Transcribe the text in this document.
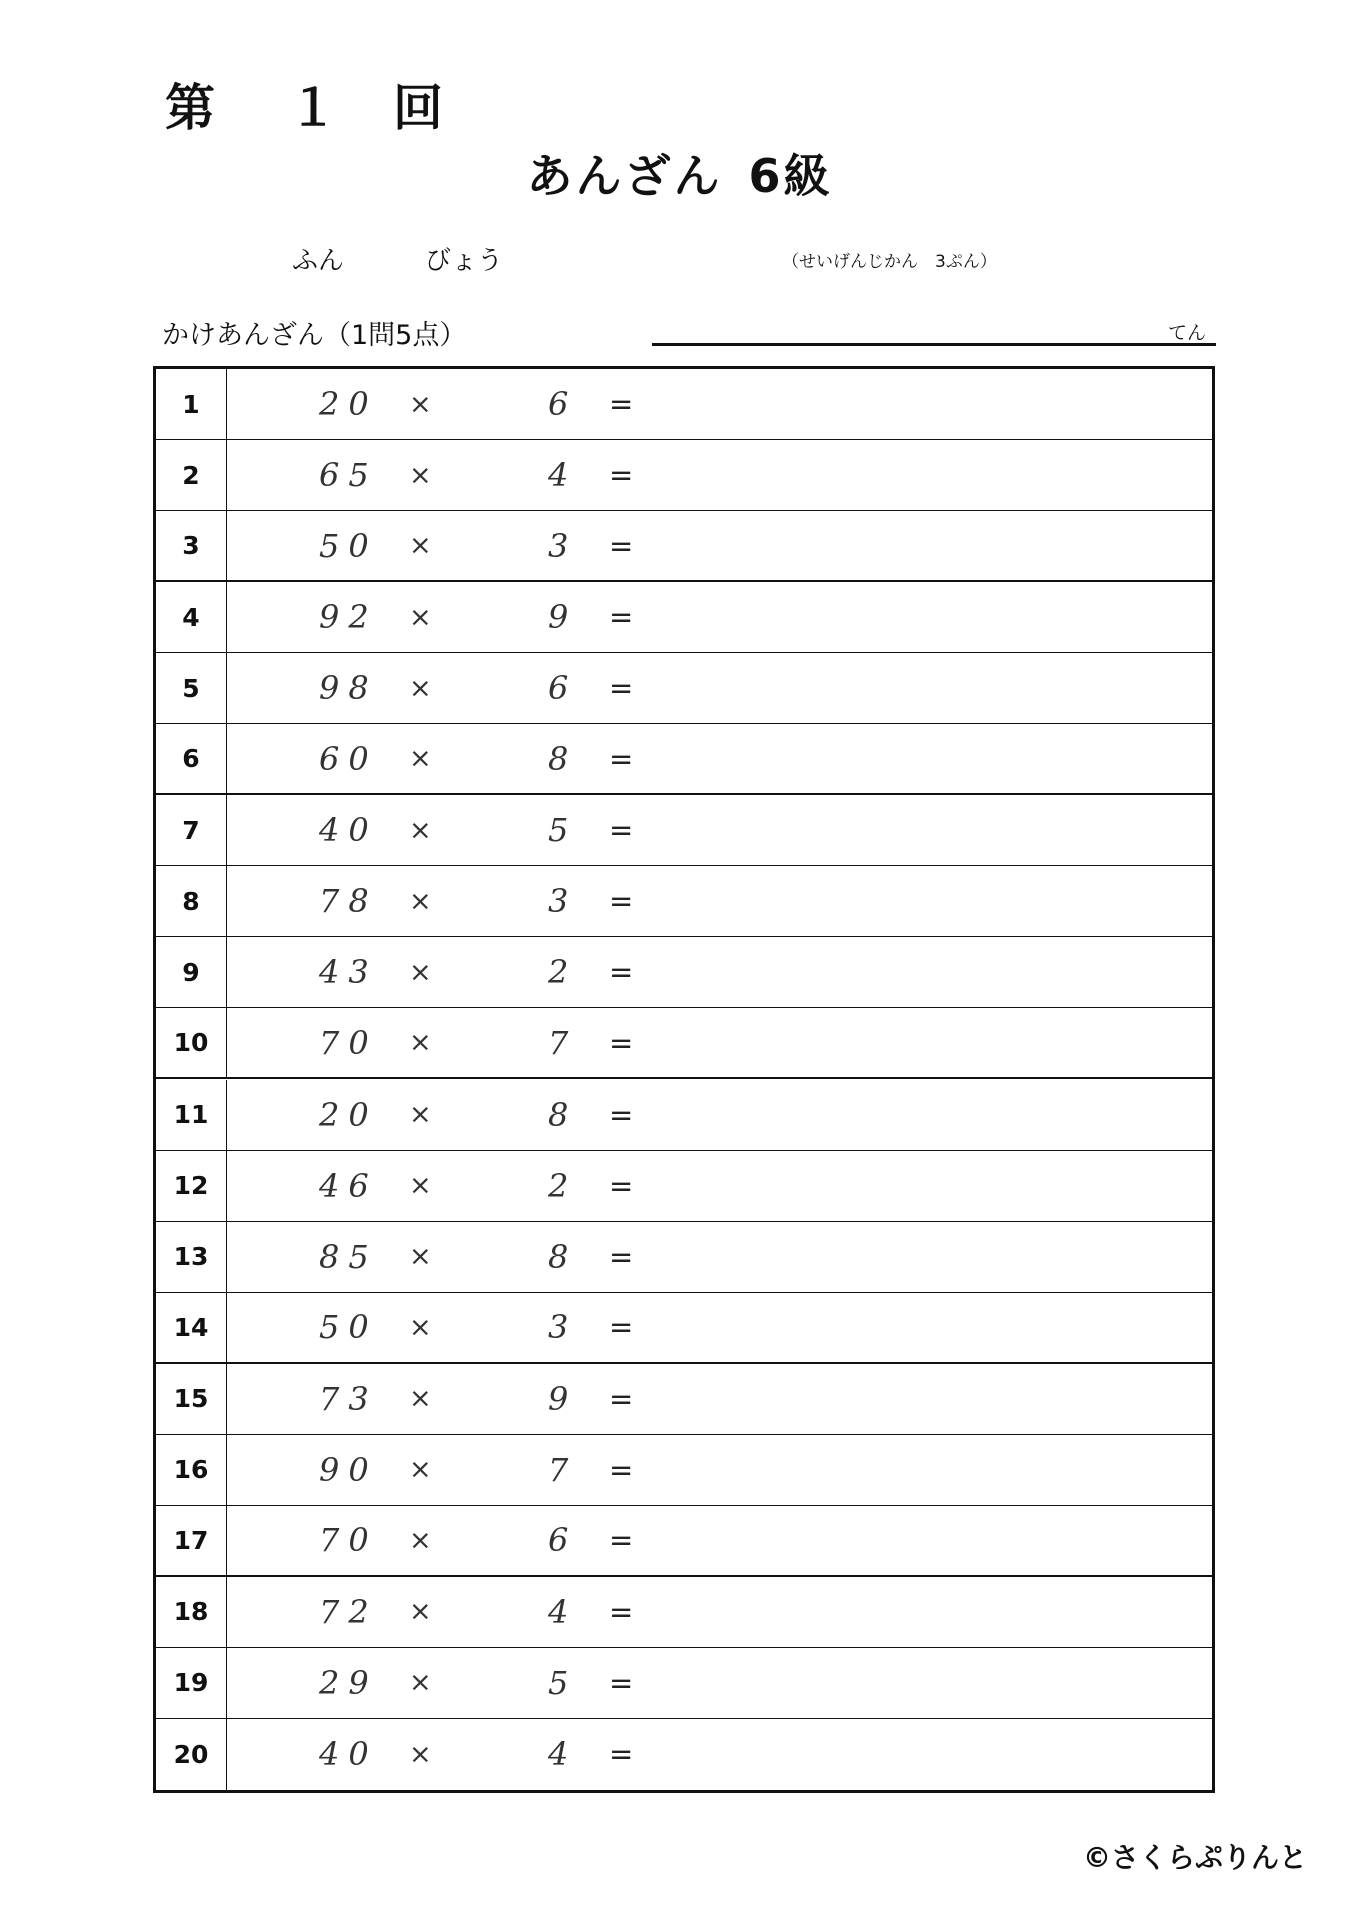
第 １ 回
あんざん 6級
ふん	びょう	（せいげんじかん　3ぷん）
かけあんざん（1問5点）	てん
1	20 ×	6 =
2	65 ×	4 =
3	50 ×	3 =
4	92 ×	9 =
5	98 ×	6 =
6	60 ×	8 =
7	40 ×	5 =
8	78 ×	3 =
9	43 ×	2 =
10	70 ×	7 =
11	20 ×	8 =
12	46 ×	2 =
13	85 ×	8 =
14	50 ×	3 =
15	73 ×	9 =
16	90 ×	7 =
17	70 ×	6 =
18	72 ×	4 =
19	29 ×	5 =
20	40 ×	4 =
©さくらぷりんと
